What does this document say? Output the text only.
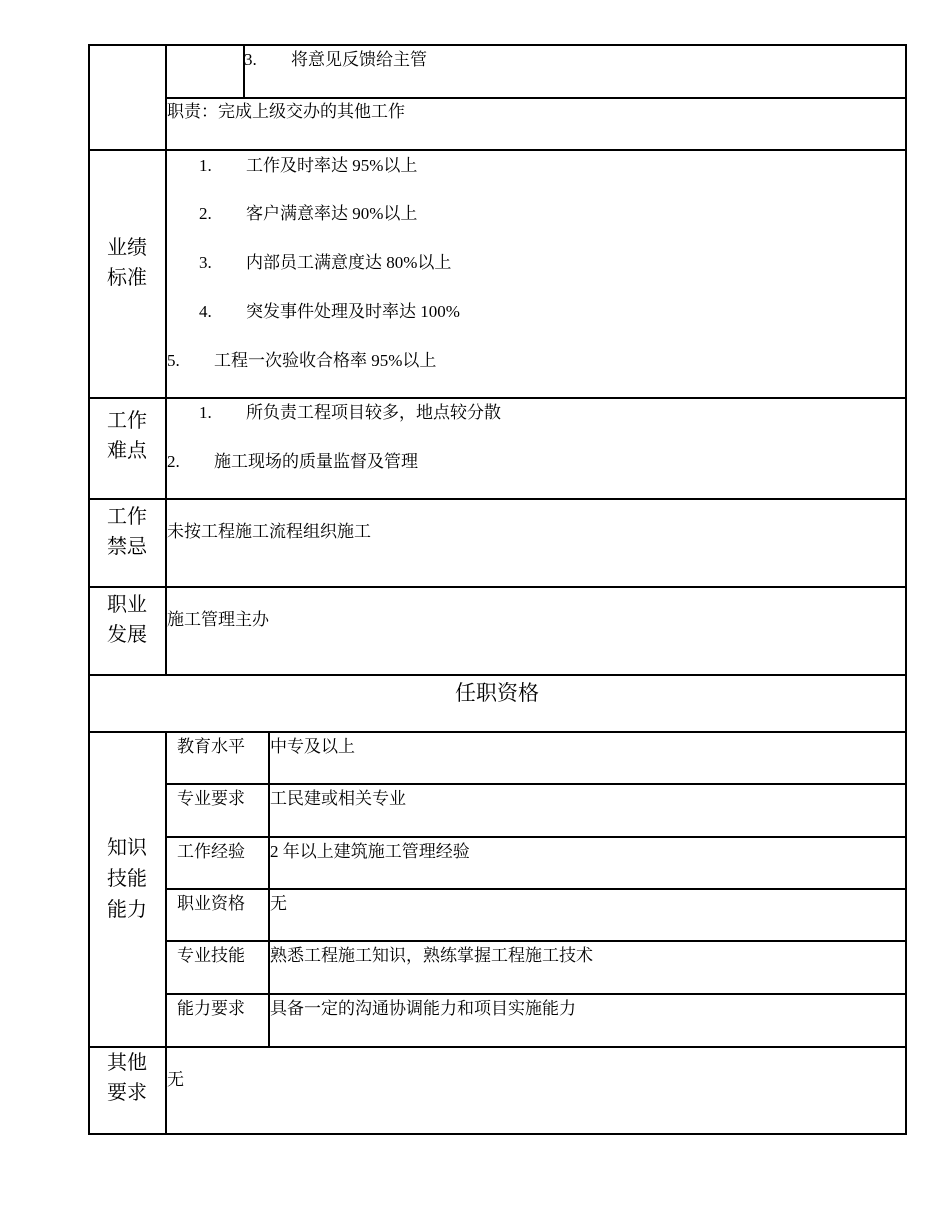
3. 将意见反馈给主管
职责：完成上级交办的其他工作
业绩
标准
1. 工作及时率达 95%以上
2. 客户满意率达 90%以上
3. 内部员工满意度达 80%以上
4. 突发事件处理及时率达 100%
5. 工程一次验收合格率 95%以上
工作
难点
1. 所负责工程项目较多，地点较分散
2. 施工现场的质量监督及管理
工作
禁忌
未按工程施工流程组织施工
职业
发展
施工管理主办
任职资格
知识
技能
能力
教育水平 中专及以上
专业要求 工民建或相关专业
工作经验 2 年以上建筑施工管理经验
职业资格 无
专业技能 熟悉工程施工知识，熟练掌握工程施工技术
能力要求 具备一定的沟通协调能力和项目实施能力
其他
要求
无
